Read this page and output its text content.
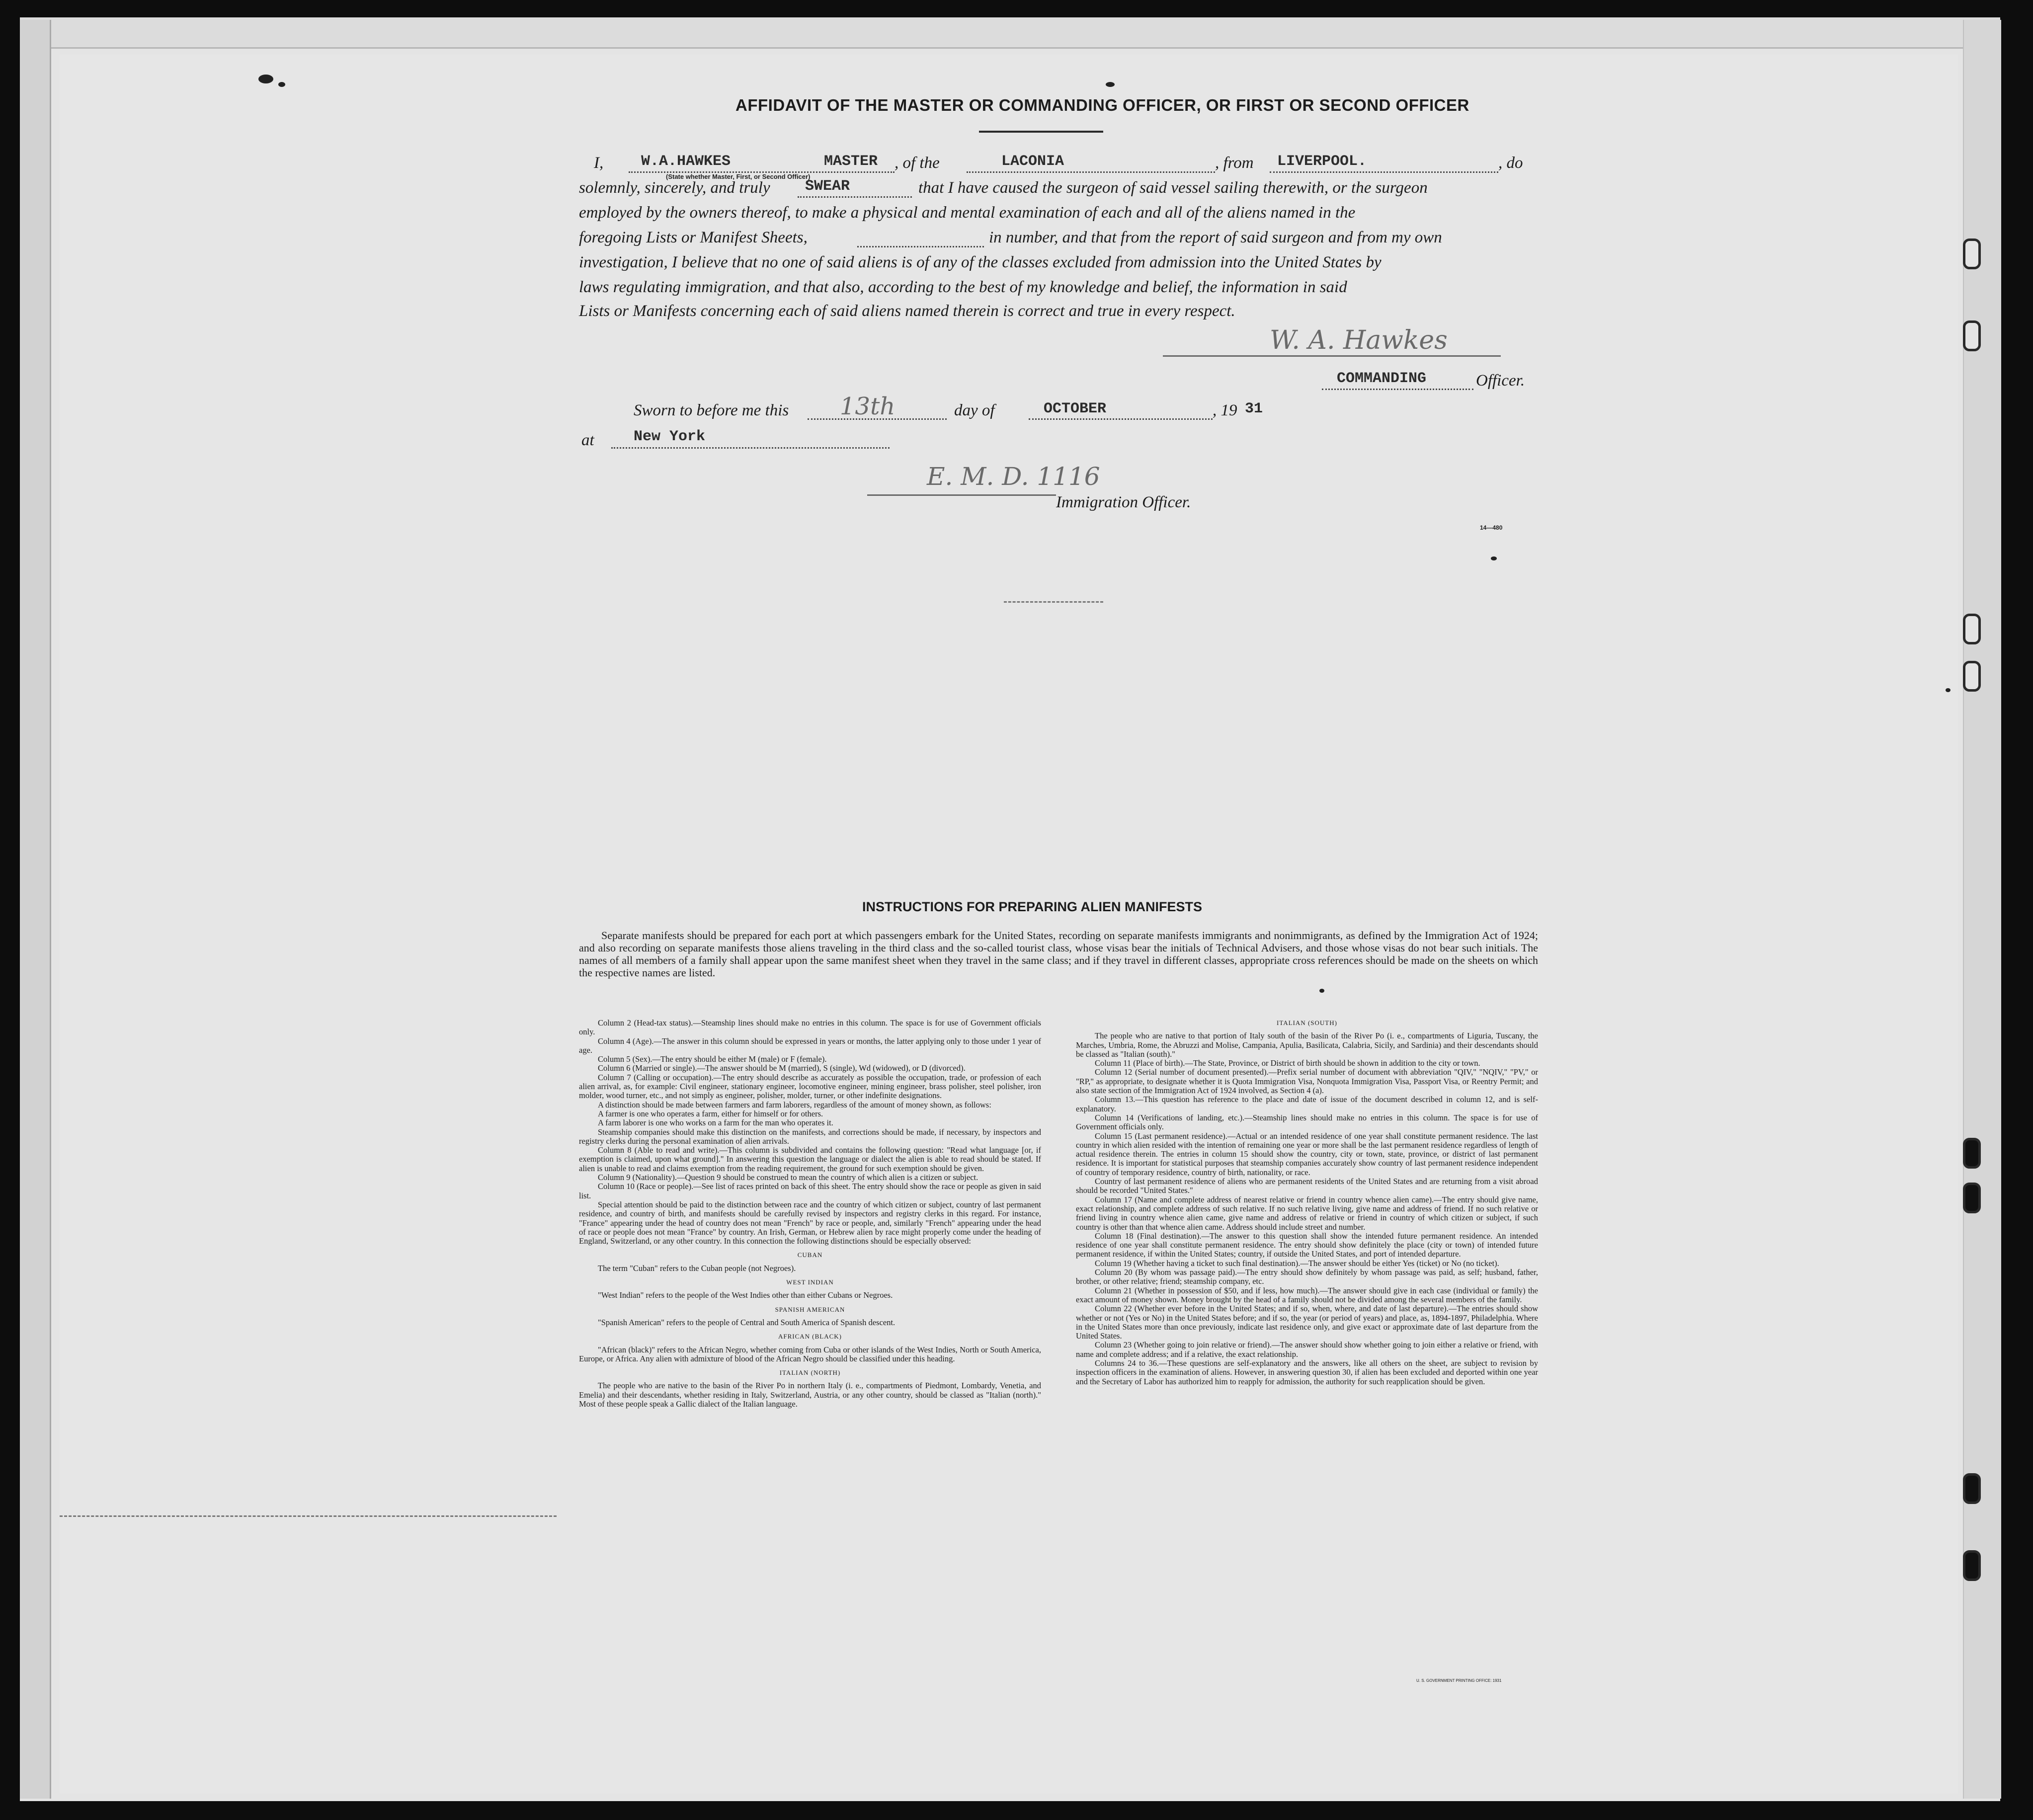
AFFIDAVIT OF THE MASTER OR COMMANDING OFFICER, OR FIRST OR SECOND OFFICER
I,	W.A.HAWKES	MASTER
(State whether Master, First, or Second Officer)
, of the	LACONIA	, from LIVERPOOL.	, do
solemnly, sincerely, and truly SWEAR	that I have caused the surgeon of said vessel sailing therewith, or the surgeon
employed by the owners thereof, to make a physical and mental examination of each and all of the aliens named in the
foregoing Lists or Manifest Sheets,	in number, and that from the report of said surgeon and from my own
investigation, I believe that no one of said aliens is of any of the classes excluded from admission into the United States by
laws regulating immigration, and that also, according to the best of my knowledge and belief, the information in said
Lists or Manifests concerning each of said aliens named therein is correct and true in every respect.
W. A. Hawkes
COMMANDING	Officer.
Sworn to before me this 13th	day of	OCTOBER	, 19 31
at	New York
E. M. D. 1116
Immigration Officer.
14—480
INSTRUCTIONS FOR PREPARING ALIEN MANIFESTS
Separate manifests should be prepared for each port at which passengers embark for the United States, recording on separate manifests immigrants and nonimmigrants, as defined by the Immigration Act of 1924; and also recording on separate manifests those aliens traveling in the third class and the so-called tourist class, whose visas bear the initials of Technical Advisers, and those whose visas do not bear such initials. The names of all members of a family shall appear upon the same manifest sheet when they travel in the same class; and if they travel in different classes, appropriate cross references should be made on the sheets on which the respective names are listed.

Column 2 (Head-tax status).—Steamship lines should make no entries in this column. The space is for use of Government officials only.

Column 4 (Age).—The answer in this column should be expressed in years or months, the latter applying only to those under 1 year of age.

Column 5 (Sex).—The entry should be either M (male) or F (female).

Column 6 (Married or single).—The answer should be M (married), S (single), Wd (widowed), or D (divorced).

Column 7 (Calling or occupation).—The entry should describe as accurately as possible the occupation, trade, or profession of each alien arrival, as, for example: Civil engineer, stationary engineer, locomotive engineer, mining engineer, brass polisher, steel polisher, iron molder, wood turner, etc., and not simply as engineer, polisher, molder, turner, or other indefinite designations.

A distinction should be made between farmers and farm laborers, regardless of the amount of money shown, as follows:

A farmer is one who operates a farm, either for himself or for others.

A farm laborer is one who works on a farm for the man who operates it.

Steamship companies should make this distinction on the manifests, and corrections should be made, if necessary, by inspectors and registry clerks during the personal examination of alien arrivals.

Column 8 (Able to read and write).—This column is subdivided and contains the following question: "Read what language [or, if exemption is claimed, upon what ground]." In answering this question the language or dialect the alien is able to read should be stated. If alien is unable to read and claims exemption from the reading requirement, the ground for such exemption should be given.

Column 9 (Nationality).—Question 9 should be construed to mean the country of which alien is a citizen or subject.

Column 10 (Race or people).—See list of races printed on back of this sheet. The entry should show the race or people as given in said list.

Special attention should be paid to the distinction between race and the country of which citizen or subject, country of last permanent residence, and country of birth, and manifests should be carefully revised by inspectors and registry clerks in this regard. For instance, "France" appearing under the head of country does not mean "French" by race or people, and, similarly "French" appearing under the head of race or people does not mean "France" by country. An Irish, German, or Hebrew alien by race might properly come under the heading of England, Switzerland, or any other country. In this connection the following distinctions should be especially observed:

CUBAN

The term "Cuban" refers to the Cuban people (not Negroes).

WEST INDIAN

"West Indian" refers to the people of the West Indies other than either Cubans or Negroes.

SPANISH AMERICAN

"Spanish American" refers to the people of Central and South America of Spanish descent.

AFRICAN (BLACK)

"African (black)" refers to the African Negro, whether coming from Cuba or other islands of the West Indies, North or South America, Europe, or Africa. Any alien with admixture of blood of the African Negro should be classified under this heading.

ITALIAN (NORTH)

The people who are native to the basin of the River Po in northern Italy (i. e., compartments of Piedmont, Lombardy, Venetia, and Emelia) and their descendants, whether residing in Italy, Switzerland, Austria, or any other country, should be classed as "Italian (north)." Most of these people speak a Gallic dialect of the Italian language.

ITALIAN (SOUTH)

The people who are native to that portion of Italy south of the basin of the River Po (i. e., compartments of Liguria, Tuscany, the Marches, Umbria, Rome, the Abruzzi and Molise, Campania, Apulia, Basilicata, Calabria, Sicily, and Sardinia) and their descendants should be classed as "Italian (south)."

Column 11 (Place of birth).—The State, Province, or District of birth should be shown in addition to the city or town.

Column 12 (Serial number of document presented).—Prefix serial number of document with abbreviation "QIV," "NQIV," "PV," or "RP," as appropriate, to designate whether it is Quota Immigration Visa, Nonquota Immigration Visa, Passport Visa, or Reentry Permit; and also state section of the Immigration Act of 1924 involved, as Section 4 (a).

Column 13.—This question has reference to the place and date of issue of the document described in column 12, and is self-explanatory.

Column 14 (Verifications of landing, etc.).—Steamship lines should make no entries in this column. The space is for use of Government officials only.

Column 15 (Last permanent residence).—Actual or an intended residence of one year shall constitute permanent residence. The last country in which alien resided with the intention of remaining one year or more shall be the last permanent residence regardless of length of actual residence therein. The entries in column 15 should show the country, city or town, state, province, or district of last permanent residence. It is important for statistical purposes that steamship companies accurately show country of last permanent residence independent of country of temporary residence, country of birth, nationality, or race.

Country of last permanent residence of aliens who are permanent residents of the United States and are returning from a visit abroad should be recorded "United States."

Column 17 (Name and complete address of nearest relative or friend in country whence alien came).—The entry should give name, exact relationship, and complete address of such relative. If no such relative living, give name and address of friend. If no such relative or friend living in country whence alien came, give name and address of relative or friend in country of which citizen or subject, if such country is other than that whence alien came. Address should include street and number.

Column 18 (Final destination).—The answer to this question shall show the intended future permanent residence. An intended residence of one year shall constitute permanent residence. The entry should show definitely the place (city or town) of intended future permanent residence, if within the United States; country, if outside the United States, and port of intended departure.

Column 19 (Whether having a ticket to such final destination).—The answer should be either Yes (ticket) or No (no ticket).

Column 20 (By whom was passage paid).—The entry should show definitely by whom passage was paid, as self; husband, father, brother, or other relative; friend; steamship company, etc.

Column 21 (Whether in possession of $50, and if less, how much).—The answer should give in each case (individual or family) the exact amount of money shown. Money brought by the head of a family should not be divided among the several members of the family.

Column 22 (Whether ever before in the United States; and if so, when, where, and date of last departure).—The entries should show whether or not (Yes or No) in the United States before; and if so, the year (or period of years) and place, as, 1894-1897, Philadelphia. Where in the United States more than once previously, indicate last residence only, and give exact or approximate date of last departure from the United States.

Column 23 (Whether going to join relative or friend).—The answer should show whether going to join either a relative or friend, with name and complete address; and if a relative, the exact relationship.

Columns 24 to 36.—These questions are self-explanatory and the answers, like all others on the sheet, are subject to revision by inspection officers in the examination of aliens. However, in answering question 30, if alien has been excluded and deported within one year and the Secretary of Labor has authorized him to reapply for admission, the authority for such reapplication should be given.

U. S. GOVERNMENT PRINTING OFFICE: 1931
